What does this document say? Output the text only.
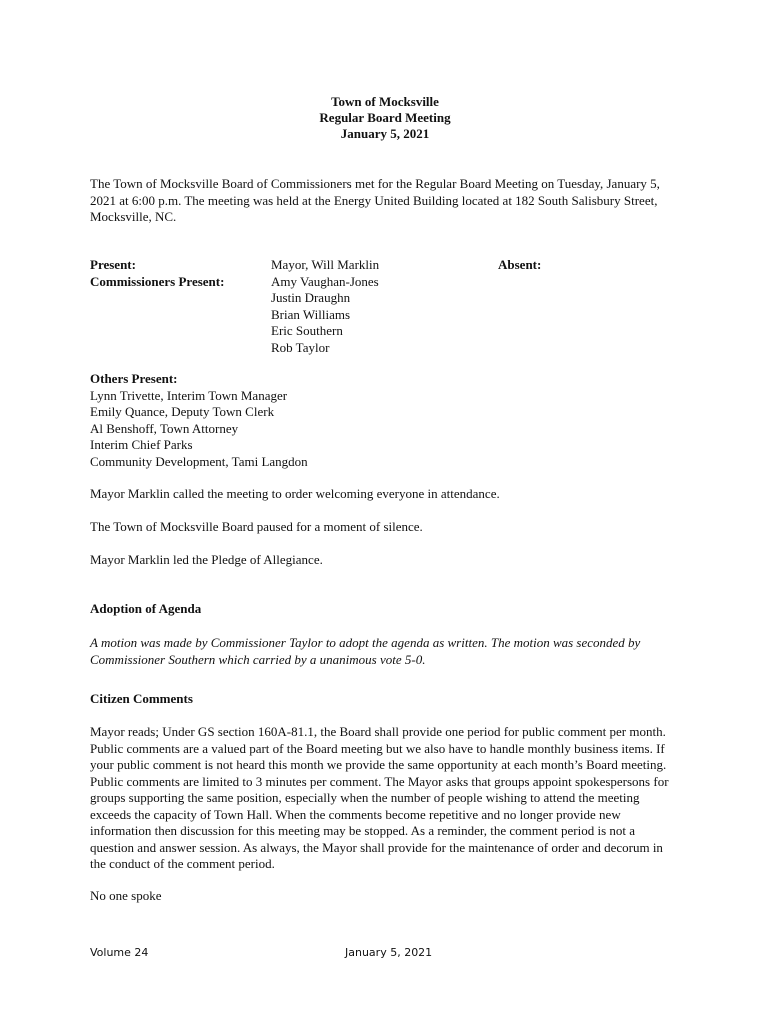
Town of Mocksville
Regular Board Meeting
January 5, 2021
The Town of Mocksville Board of Commissioners met for the Regular Board Meeting on Tuesday, January 5, 2021 at 6:00 p.m. The meeting was held at the Energy United Building located at 182 South Salisbury Street, Mocksville, NC.
Present:
Commissioners Present:
Mayor, Will Marklin
Amy Vaughan-Jones
Justin Draughn
Brian Williams
Eric Southern
Rob Taylor
Absent:
Others Present:
Lynn Trivette, Interim Town Manager
Emily Quance, Deputy Town Clerk
Al Benshoff, Town Attorney
Interim Chief Parks
Community Development, Tami Langdon
Mayor Marklin called the meeting to order welcoming everyone in attendance.
The Town of Mocksville Board paused for a moment of silence.
Mayor Marklin led the Pledge of Allegiance.
Adoption of Agenda
A motion was made by Commissioner Taylor to adopt the agenda as written. The motion was seconded by Commissioner Southern which carried by a unanimous vote 5-0.
Citizen Comments
Mayor reads; Under GS section 160A-81.1, the Board shall provide one period for public comment per month. Public comments are a valued part of the Board meeting but we also have to handle monthly business items. If your public comment is not heard this month we provide the same opportunity at each month’s Board meeting. Public comments are limited to 3 minutes per comment. The Mayor asks that groups appoint spokespersons for groups supporting the same position, especially when the number of people wishing to attend the meeting exceeds the capacity of Town Hall. When the comments become repetitive and no longer provide new information then discussion for this meeting may be stopped. As a reminder, the comment period is not a question and answer session. As always, the Mayor shall provide for the maintenance of order and decorum in the conduct of the comment period.
No one spoke
Volume 24	January 5, 2021
